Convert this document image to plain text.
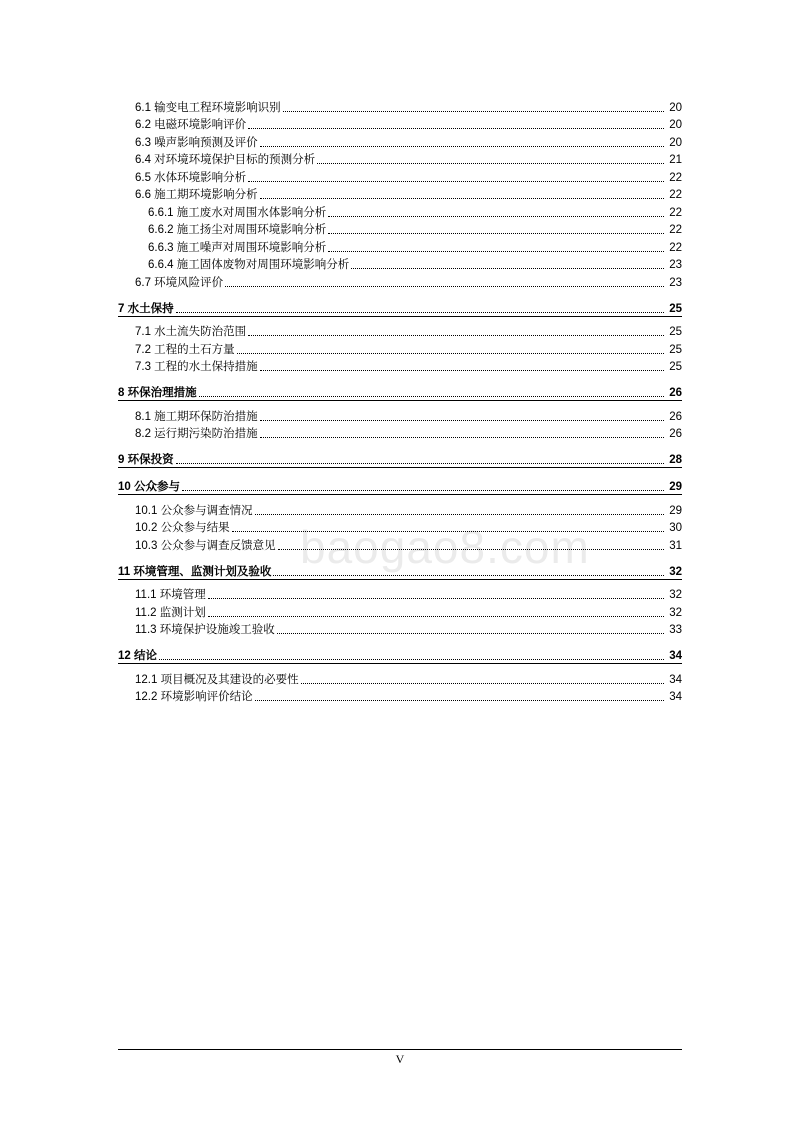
6.1 输变电工程环境影响识别	20
6.2 电磁环境影响评价	20
6.3 噪声影响预测及评价	20
6.4 对环境环境保护目标的预测分析	21
6.5 水体环境影响分析	22
6.6 施工期环境影响分析	22
6.6.1 施工废水对周围水体影响分析	22
6.6.2 施工扬尘对周围环境影响分析	22
6.6.3 施工噪声对周围环境影响分析	22
6.6.4 施工固体废物对周围环境影响分析	23
6.7 环境风险评价	23
7 水土保持	25
7.1 水土流失防治范围	25
7.2 工程的土石方量	25
7.3 工程的水土保持措施	25
8 环保治理措施	26
8.1 施工期环保防治措施	26
8.2 运行期污染防治措施	26
9 环保投资	28
10 公众参与	29
10.1 公众参与调查情况	29
10.2 公众参与结果	30
10.3 公众参与调查反馈意见	31
11 环境管理、监测计划及验收	32
11.1 环境管理	32
11.2 监测计划	32
11.3 环境保护设施竣工验收	33
12 结论	34
12.1 项目概况及其建设的必要性	34
12.2 环境影响评价结论	34
baogao8.com
V
